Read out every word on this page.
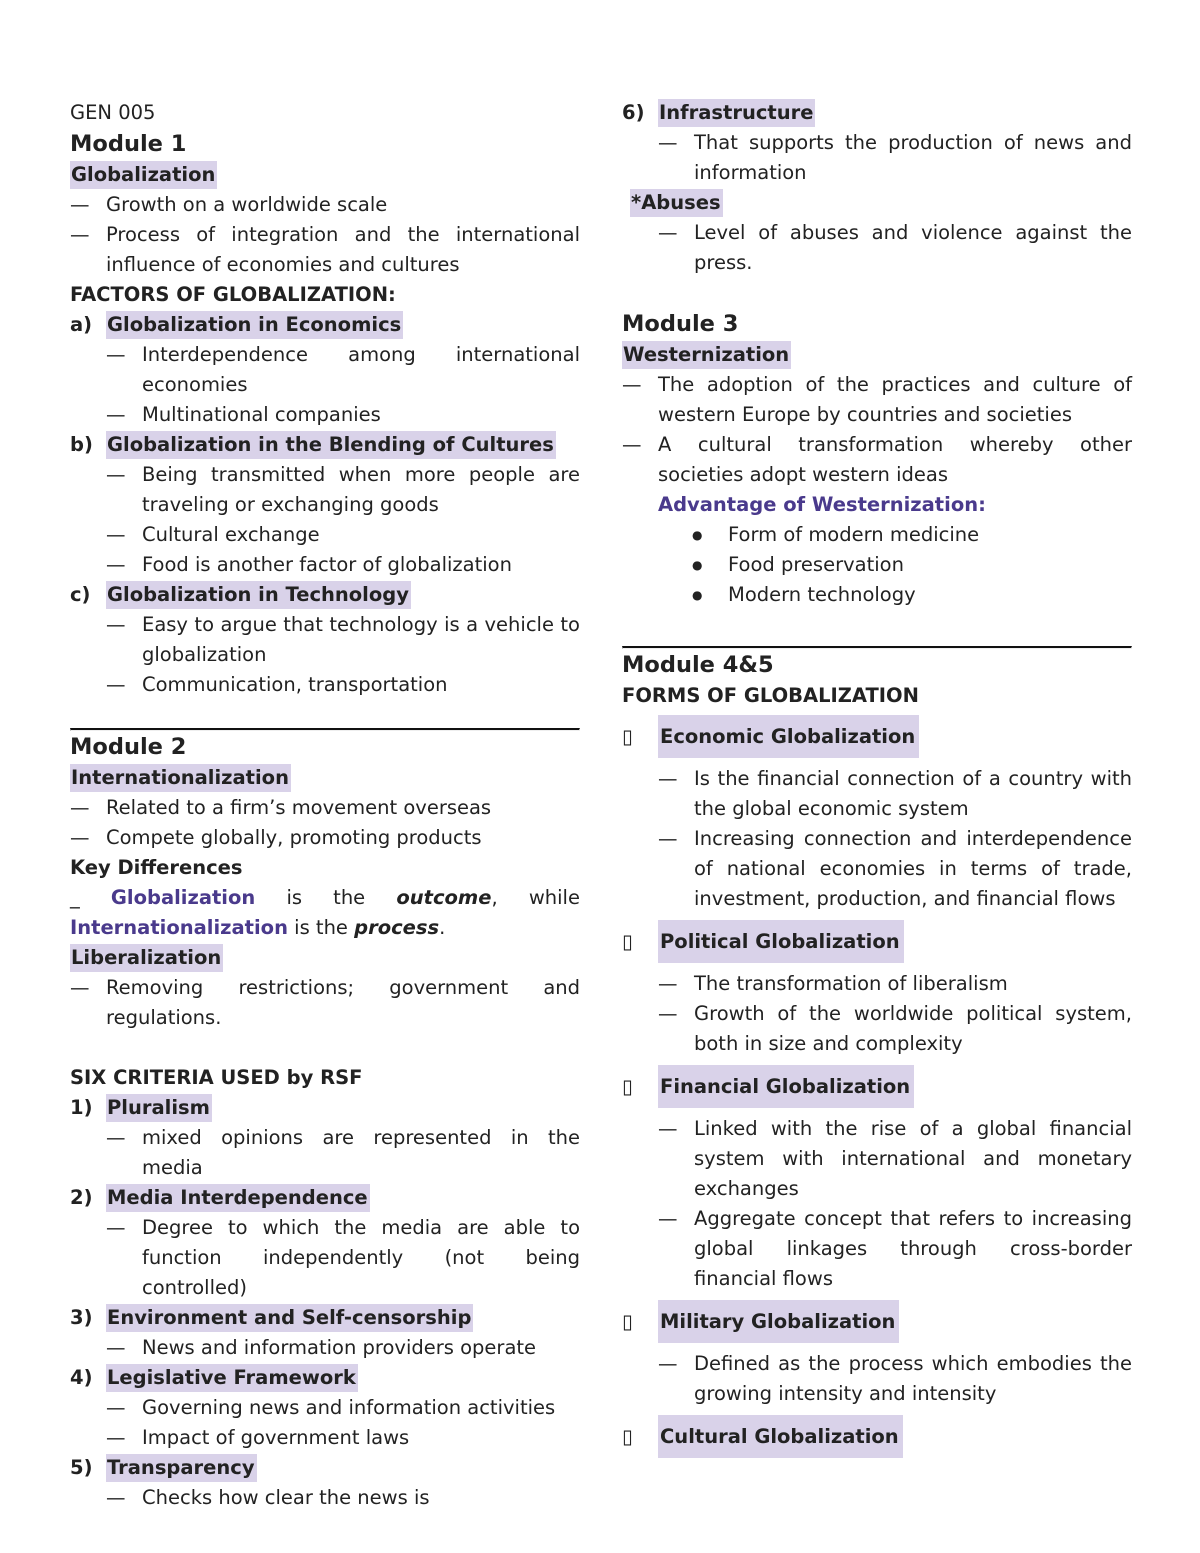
GEN 005

Module 1

Globalization

— Growth on a worldwide scale
— Process of integration and the international influence of economies and cultures

FACTORS OF GLOBALIZATION:

a) Globalization in Economics
— Interdependence among international economies
— Multinational companies
b) Globalization in the Blending of Cultures
— Being transmitted when more people are traveling or exchanging goods
— Cultural exchange
— Food is another factor of globalization
c) Globalization in Technology
— Easy to argue that technology is a vehicle to globalization
— Communication, transportation

Module 2

Internationalization

— Related to a firm’s movement overseas
— Compete globally, promoting products

Key Differences

_ Globalization is the outcome, while

Internationalization is the process.

Liberalization

— Removing restrictions; government and regulations.

SIX CRITERIA USED by RSF

1) Pluralism
— mixed opinions are represented in the media
2) Media Interdependence
— Degree to which the media are able to function independently (not being controlled)
3) Environment and Self-censorship
— News and information providers operate
4) Legislative Framework
— Governing news and information activities
— Impact of government laws
5) Transparency
— Checks how clear the news is
6) Infrastructure
— That supports the production of news and information

*Abuses

— Level of abuses and violence against the press.

Module 3

Westernization

— The adoption of the practices and culture of western Europe by countries and societies
— A cultural transformation whereby other societies adopt western ideas

Advantage of Westernization:

●	Form of modern medicine
●	Food preservation
●	Modern technology

Module 4&5

FORMS OF GLOBALIZATION

▯	Economic Globalization
— Is the financial connection of a country with the global economic system
— Increasing connection and interdependence of national economies in terms of trade, investment, production, and financial flows
▯	Political Globalization
— The transformation of liberalism
— Growth of the worldwide political system, both in size and complexity
▯	Financial Globalization
— Linked with the rise of a global financial system with international and monetary exchanges
— Aggregate concept that refers to increasing global linkages through cross-border financial flows
▯	Military Globalization
— Defined as the process which embodies the growing intensity and intensity
▯	Cultural Globalization
